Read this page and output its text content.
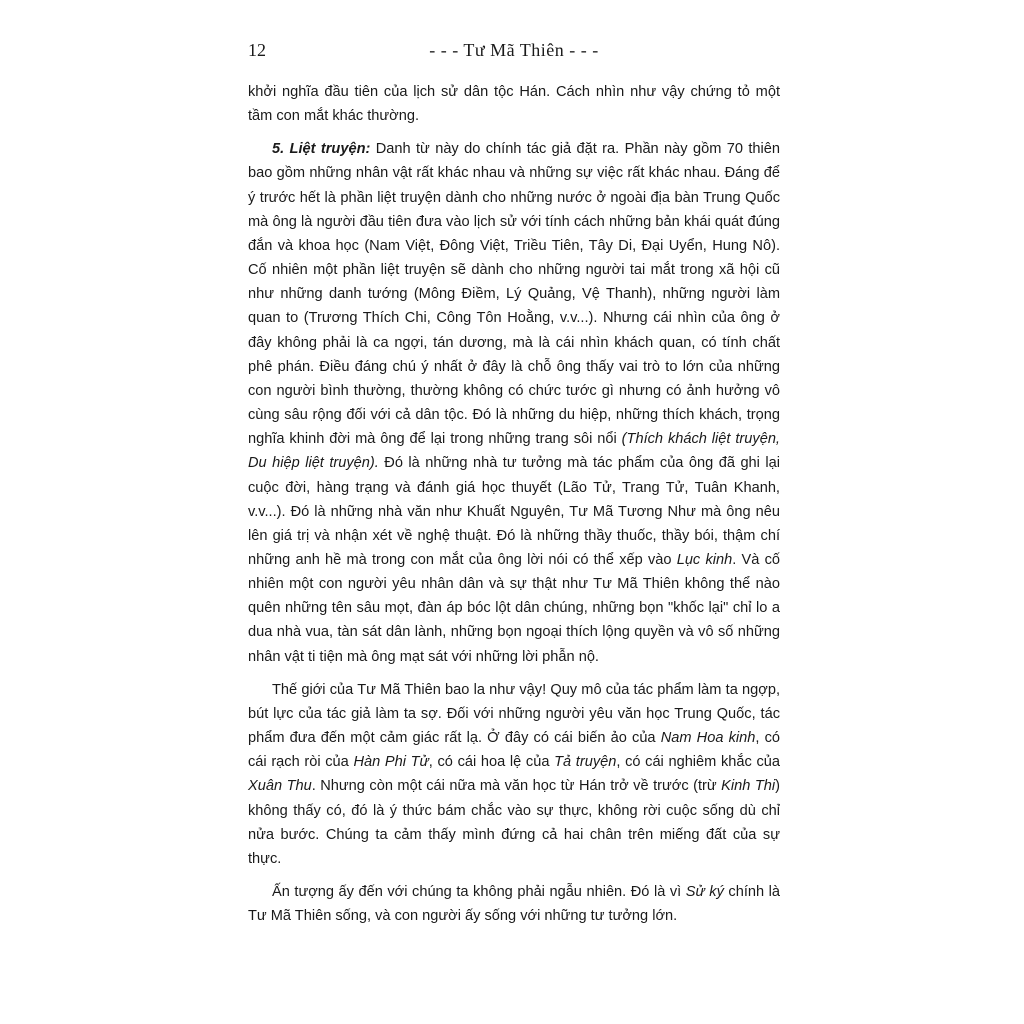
12	- - - Tư Mã Thiên - - -

khởi nghĩa đầu tiên của lịch sử dân tộc Hán. Cách nhìn như vậy chứng tỏ một tầm con mắt khác thường.

5. Liệt truyện: Danh từ này do chính tác giả đặt ra. Phần này gồm 70 thiên bao gồm những nhân vật rất khác nhau và những sự việc rất khác nhau. Đáng để ý trước hết là phần liệt truyện dành cho những nước ở ngoài địa bàn Trung Quốc mà ông là người đầu tiên đưa vào lịch sử với tính cách những bản khái quát đúng đắn và khoa học (Nam Việt, Đông Việt, Triều Tiên, Tây Di, Đại Uyển, Hung Nô). Cố nhiên một phần liệt truyện sẽ dành cho những người tai mắt trong xã hội cũ như những danh tướng (Mông Điềm, Lý Quảng, Vệ Thanh), những người làm quan to (Trương Thích Chi, Công Tôn Hoằng, v.v...). Nhưng cái nhìn của ông ở đây không phải là ca ngợi, tán dương, mà là cái nhìn khách quan, có tính chất phê phán. Điều đáng chú ý nhất ở đây là chỗ ông thấy vai trò to lớn của những con người bình thường, thường không có chức tước gì nhưng có ảnh hưởng vô cùng sâu rộng đối với cả dân tộc. Đó là những du hiệp, những thích khách, trọng nghĩa khinh đời mà ông để lại trong những trang sôi nổi (Thích khách liệt truyện, Du hiệp liệt truyện). Đó là những nhà tư tưởng mà tác phẩm của ông đã ghi lại cuộc đời, hàng trạng và đánh giá học thuyết (Lão Tử, Trang Tử, Tuân Khanh, v.v...). Đó là những nhà văn như Khuất Nguyên, Tư Mã Tương Như mà ông nêu lên giá trị và nhận xét về nghệ thuật. Đó là những thầy thuốc, thầy bói, thậm chí những anh hề mà trong con mắt của ông lời nói có thể xếp vào Lục kinh. Và cố nhiên một con người yêu nhân dân và sự thật như Tư Mã Thiên không thể nào quên những tên sâu mọt, đàn áp bóc lột dân chúng, những bọn "khốc lại" chỉ lo a dua nhà vua, tàn sát dân lành, những bọn ngoại thích lộng quyền và vô số những nhân vật ti tiện mà ông mạt sát với những lời phẫn nộ.

Thế giới của Tư Mã Thiên bao la như vậy! Quy mô của tác phẩm làm ta ngợp, bút lực của tác giả làm ta sợ. Đối với những người yêu văn học Trung Quốc, tác phẩm đưa đến một cảm giác rất lạ. Ở đây có cái biến ảo của Nam Hoa kinh, có cái rạch ròi của Hàn Phi Tử, có cái hoa lệ của Tả truyện, có cái nghiêm khắc của Xuân Thu. Nhưng còn một cái nữa mà văn học từ Hán trở về trước (trừ Kinh Thi) không thấy có, đó là ý thức bám chắc vào sự thực, không rời cuộc sống dù chỉ nửa bước. Chúng ta cảm thấy mình đứng cả hai chân trên miếng đất của sự thực.

Ấn tượng ấy đến với chúng ta không phải ngẫu nhiên. Đó là vì Sử ký chính là Tư Mã Thiên sống, và con người ấy sống với những tư tưởng lớn.
